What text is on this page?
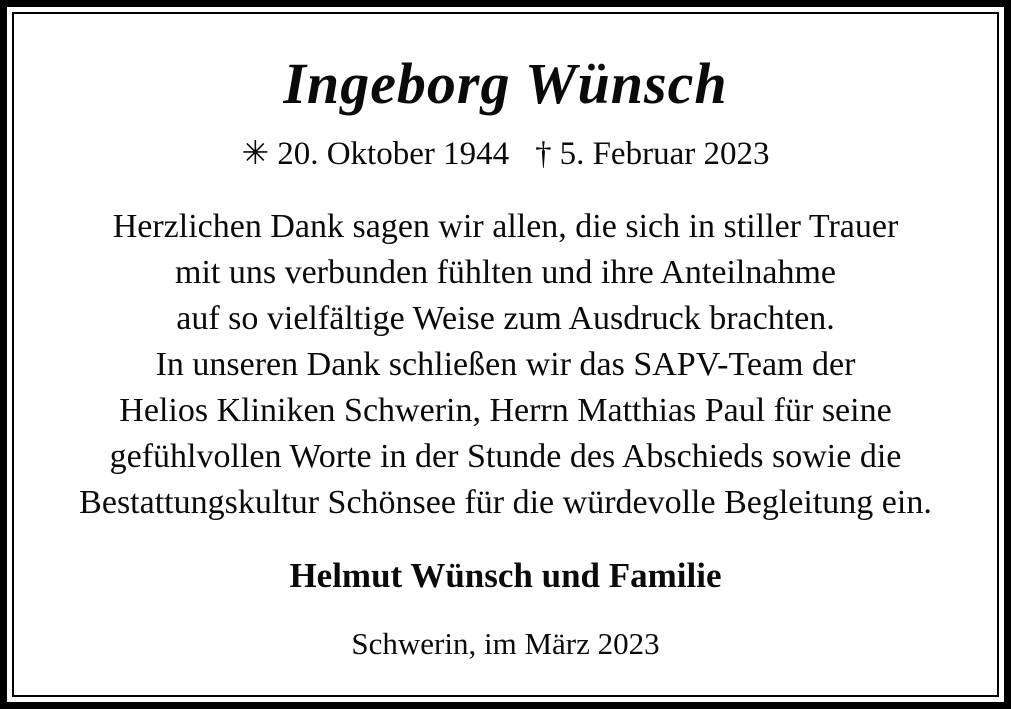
Ingeborg Wünsch
✳ 20. Oktober 1944 † 5. Februar 2023
Herzlichen Dank sagen wir allen, die sich in stiller Trauer
mit uns verbunden fühlten und ihre Anteilnahme
auf so vielfältige Weise zum Ausdruck brachten.
In unseren Dank schließen wir das SAPV-Team der
Helios Kliniken Schwerin, Herrn Matthias Paul für seine
gefühlvollen Worte in der Stunde des Abschieds sowie die
Bestattungskultur Schönsee für die würdevolle Begleitung ein.
Helmut Wünsch und Familie
Schwerin, im März 2023
